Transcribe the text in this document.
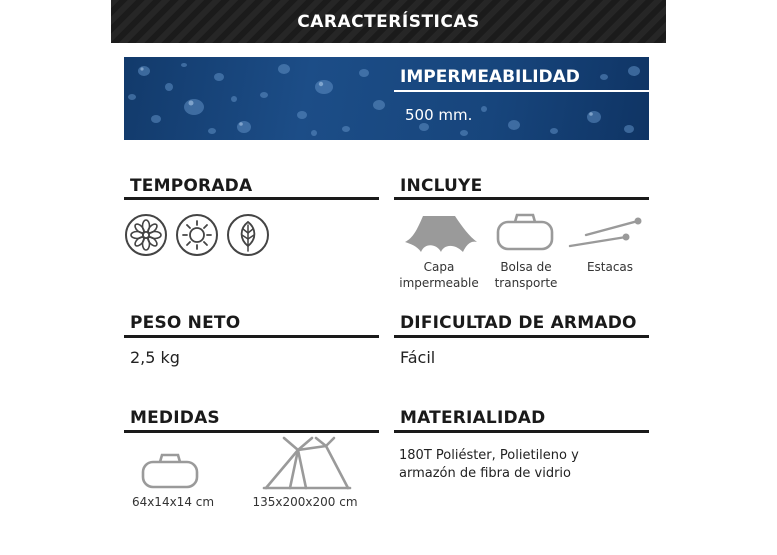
CARACTERÍSTICAS
IMPERMEABILIDAD
500 mm.
TEMPORADA	INCLUYE
Capa
impermeable
Bolsa de
transporte
Estacas
PESO NETO
2,5 kg
DIFICULTAD DE ARMADO
Fácil
MEDIDAS
64x14x14 cm	135x200x200 cm
MATERIALIDAD
180T Poliéster, Polietileno y
armazón de fibra de vidrio
